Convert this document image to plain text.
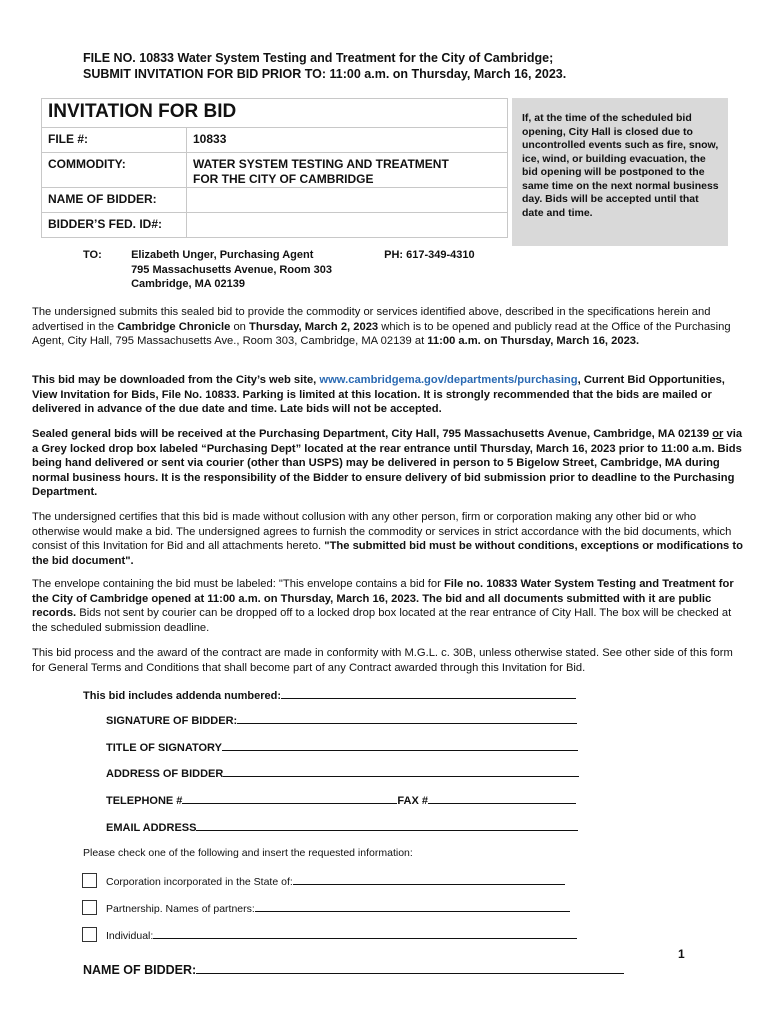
FILE NO. 10833 Water System Testing and Treatment for the City of Cambridge;
SUBMIT INVITATION FOR BID PRIOR TO: 11:00 a.m. on Thursday, March 16, 2023.
INVITATION FOR BID
FILE #:	10833
COMMODITY:	WATER SYSTEM TESTING AND TREATMENT
FOR THE CITY OF CAMBRIDGE
NAME OF BIDDER:
BIDDER’S FED. ID#:
If, at the time of the scheduled bid opening, City Hall is closed due to uncontrolled events such as fire, snow, ice, wind, or building evacuation, the bid opening will be postponed to the same time on the next normal business day. Bids will be accepted until that date and time.
TO:	Elizabeth Unger, Purchasing Agent
795 Massachusetts Avenue, Room 303
Cambridge, MA 02139
PH: 617-349-4310
The undersigned submits this sealed bid to provide the commodity or services identified above, described in the specifications herein and advertised in the Cambridge Chronicle on Thursday, March 2, 2023 which is to be opened and publicly read at the Office of the Purchasing Agent, City Hall, 795 Massachusetts Ave., Room 303, Cambridge, MA 02139 at 11:00 a.m. on Thursday, March 16, 2023.
This bid may be downloaded from the City’s web site, www.cambridgema.gov/departments/purchasing, Current Bid Opportunities, View Invitation for Bids, File No. 10833. Parking is limited at this location. It is strongly recommended that the bids are mailed or delivered in advance of the due date and time. Late bids will not be accepted.
Sealed general bids will be received at the Purchasing Department, City Hall, 795 Massachusetts Avenue, Cambridge, MA 02139 or via a Grey locked drop box labeled “Purchasing Dept” located at the rear entrance until Thursday, March 16, 2023 prior to 11:00 a.m. Bids being hand delivered or sent via courier (other than USPS) may be delivered in person to 5 Bigelow Street, Cambridge, MA during normal business hours. It is the responsibility of the Bidder to ensure delivery of bid submission prior to deadline to the Purchasing Department.
The undersigned certifies that this bid is made without collusion with any other person, firm or corporation making any other bid or who otherwise would make a bid. The undersigned agrees to furnish the commodity or services in strict accordance with the bid documents, which consist of this Invitation for Bid and all attachments hereto. "The submitted bid must be without conditions, exceptions or modifications to the bid document".
The envelope containing the bid must be labeled: "This envelope contains a bid for File no. 10833 Water System Testing and Treatment for the City of Cambridge opened at 11:00 a.m. on Thursday, March 16, 2023. The bid and all documents submitted with it are public records. Bids not sent by courier can be dropped off to a locked drop box located at the rear entrance of City Hall. The box will be checked at the scheduled submission deadline.
This bid process and the award of the contract are made in conformity with M.G.L. c. 30B, unless otherwise stated. See other side of this form for General Terms and Conditions that shall become part of any Contract awarded through this Invitation for Bid.
This bid includes addenda numbered:
SIGNATURE OF BIDDER:
TITLE OF SIGNATORY
ADDRESS OF BIDDER
TELEPHONE #	FAX #
EMAIL ADDRESS
Please check one of the following and insert the requested information:
Corporation incorporated in the State of:
Partnership. Names of partners:
Individual:
1
NAME OF BIDDER:
